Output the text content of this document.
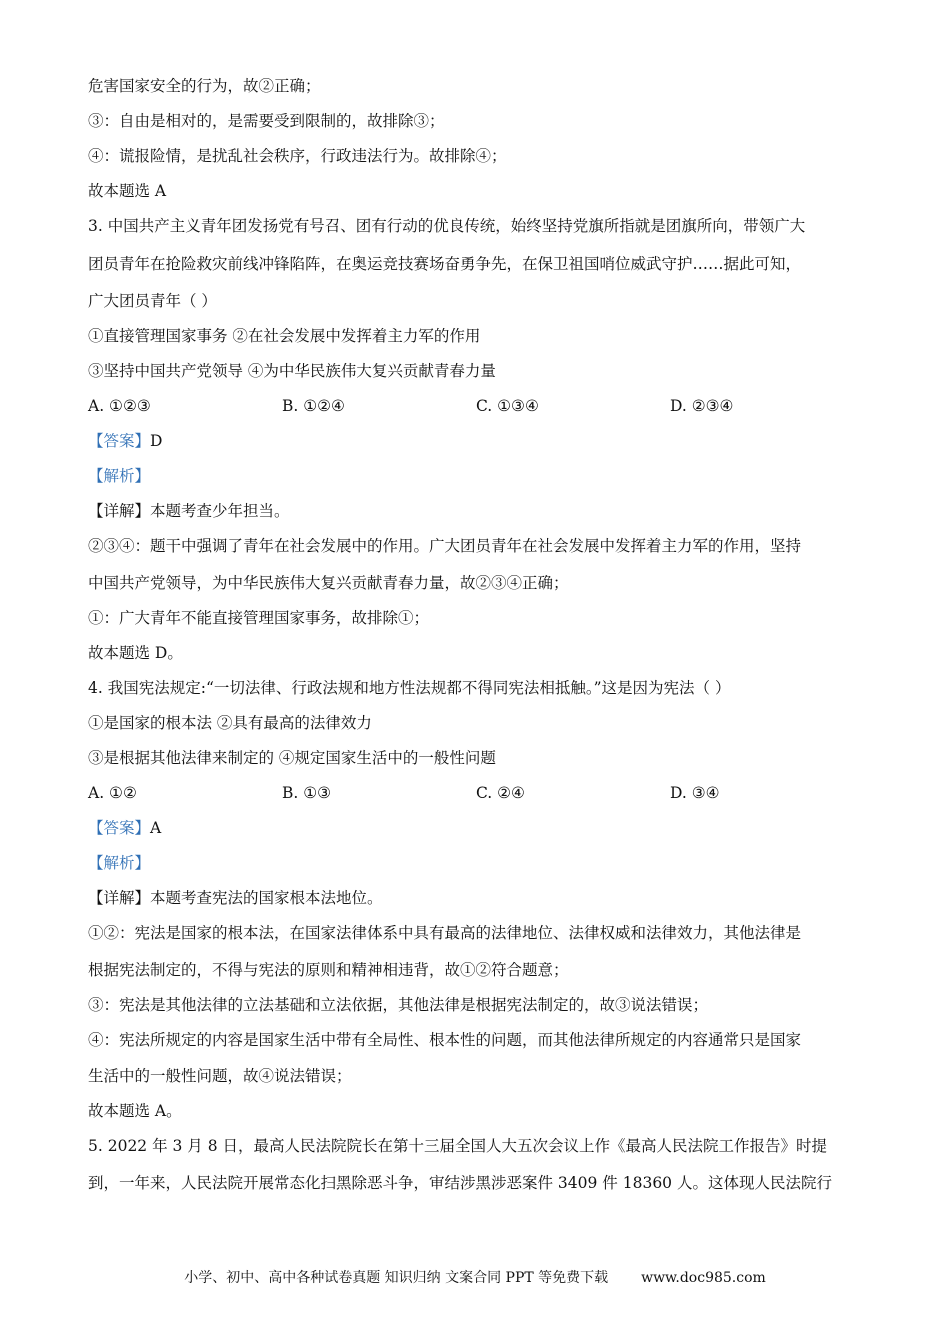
危害国家安全的行为，故②正确；
③：自由是相对的，是需要受到限制的，故排除③；
④：谎报险情，是扰乱社会秩序，行政违法行为。故排除④；
故本题选 A
3. 中国共产主义青年团发扬党有号召、团有行动的优良传统，始终坚持党旗所指就是团旗所向，带领广大
团员青年在抢险救灾前线冲锋陷阵，在奥运竞技赛场奋勇争先，在保卫祖国哨位威武守护……据此可知，
广大团员青年（ ）
①直接管理国家事务 ②在社会发展中发挥着主力军的作用
③坚持中国共产党领导 ④为中华民族伟大复兴贡献青春力量
A. ①②③	B. ①②④	C. ①③④	D. ②③④
【答案】D
【解析】
【详解】本题考查少年担当。
②③④：题干中强调了青年在社会发展中的作用。广大团员青年在社会发展中发挥着主力军的作用，坚持
中国共产党领导，为中华民族伟大复兴贡献青春力量，故②③④正确；
①：广大青年不能直接管理国家事务，故排除①；
故本题选 D。
4. 我国宪法规定:“一切法律、行政法规和地方性法规都不得同宪法相抵触。”这是因为宪法（ ）
①是国家的根本法 ②具有最高的法律效力
③是根据其他法律来制定的 ④规定国家生活中的一般性问题
A. ①②	B. ①③	C. ②④	D. ③④
【答案】A
【解析】
【详解】本题考查宪法的国家根本法地位。
①②：宪法是国家的根本法，在国家法律体系中具有最高的法律地位、法律权威和法律效力，其他法律是
根据宪法制定的，不得与宪法的原则和精神相违背，故①②符合题意；
③：宪法是其他法律的立法基础和立法依据，其他法律是根据宪法制定的，故③说法错误；
④：宪法所规定的内容是国家生活中带有全局性、根本性的问题，而其他法律所规定的内容通常只是国家
生活中的一般性问题，故④说法错误；
故本题选 A。
5. 2022 年 3 月 8 日，最高人民法院院长在第十三届全国人大五次会议上作《最高人民法院工作报告》时提
到，一年来，人民法院开展常态化扫黑除恶斗争，审结涉黑涉恶案件 3409 件 18360 人。这体现人民法院行
小学、初中、高中各种试卷真题 知识归纳 文案合同 PPT 等免费下载 www.doc985.com
